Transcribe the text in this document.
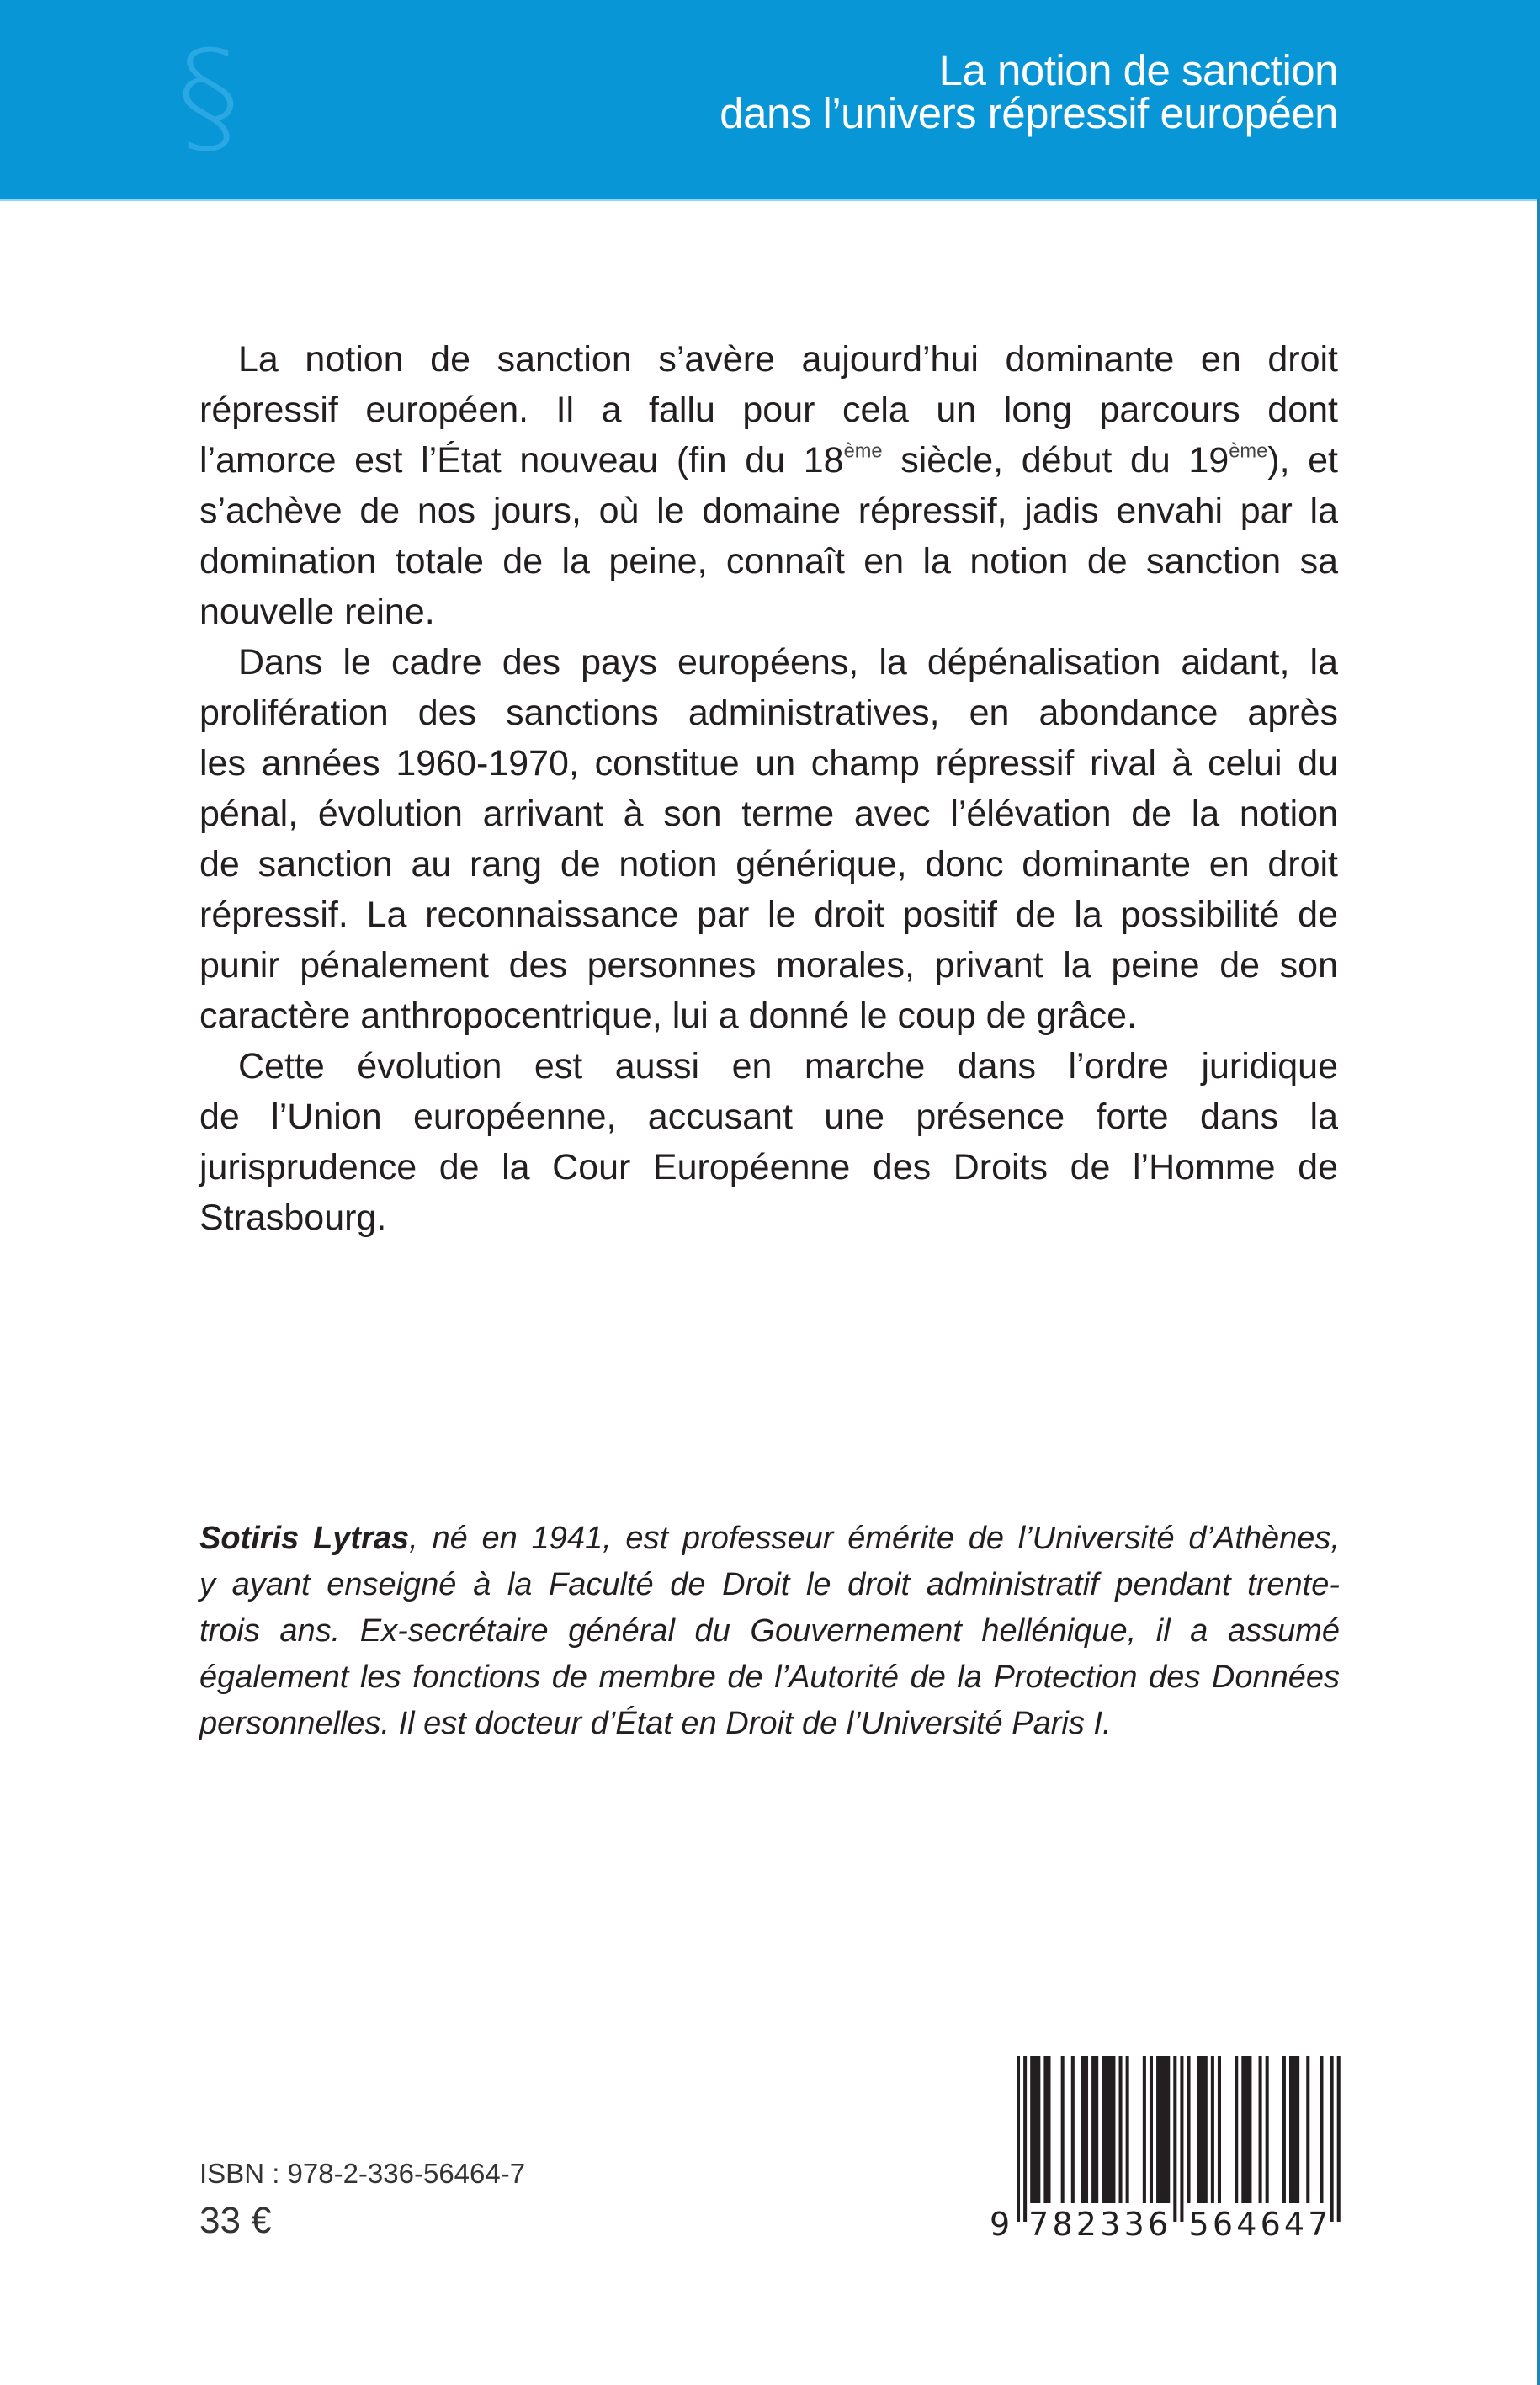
§	La notion de sanction
dans l’univers répressif européen
La notion de sanction s’avère aujourd’hui dominante en droit
répressif européen. Il a fallu pour cela un long parcours dont
l’amorce est l’État nouveau (fin du 18ème siècle, début du 19ème), et
s’achève de nos jours, où le domaine répressif, jadis envahi par la
domination totale de la peine, connaît en la notion de sanction sa
nouvelle reine.
Dans le cadre des pays européens, la dépénalisation aidant, la
prolifération des sanctions administratives, en abondance après
les années 1960-1970, constitue un champ répressif rival à celui du
pénal, évolution arrivant à son terme avec l’élévation de la notion
de sanction au rang de notion générique, donc dominante en droit
répressif. La reconnaissance par le droit positif de la possibilité de
punir pénalement des personnes morales, privant la peine de son
caractère anthropocentrique, lui a donné le coup de grâce.
Cette évolution est aussi en marche dans l’ordre juridique
de l’Union européenne, accusant une présence forte dans la
jurisprudence de la Cour Européenne des Droits de l’Homme de
Strasbourg.
Sotiris Lytras, né en 1941, est professeur émérite de l’Université d’Athènes,
y ayant enseigné à la Faculté de Droit le droit administratif pendant trente-
trois ans. Ex-secrétaire général du Gouvernement hellénique, il a assumé
également les fonctions de membre de l’Autorité de la Protection des Données
personnelles. Il est docteur d’État en Droit de l’Université Paris I.
ISBN : 978-2-336-56464-7
33 €	9 7 8 2 3 3 6 5 6 4 6 4 7
